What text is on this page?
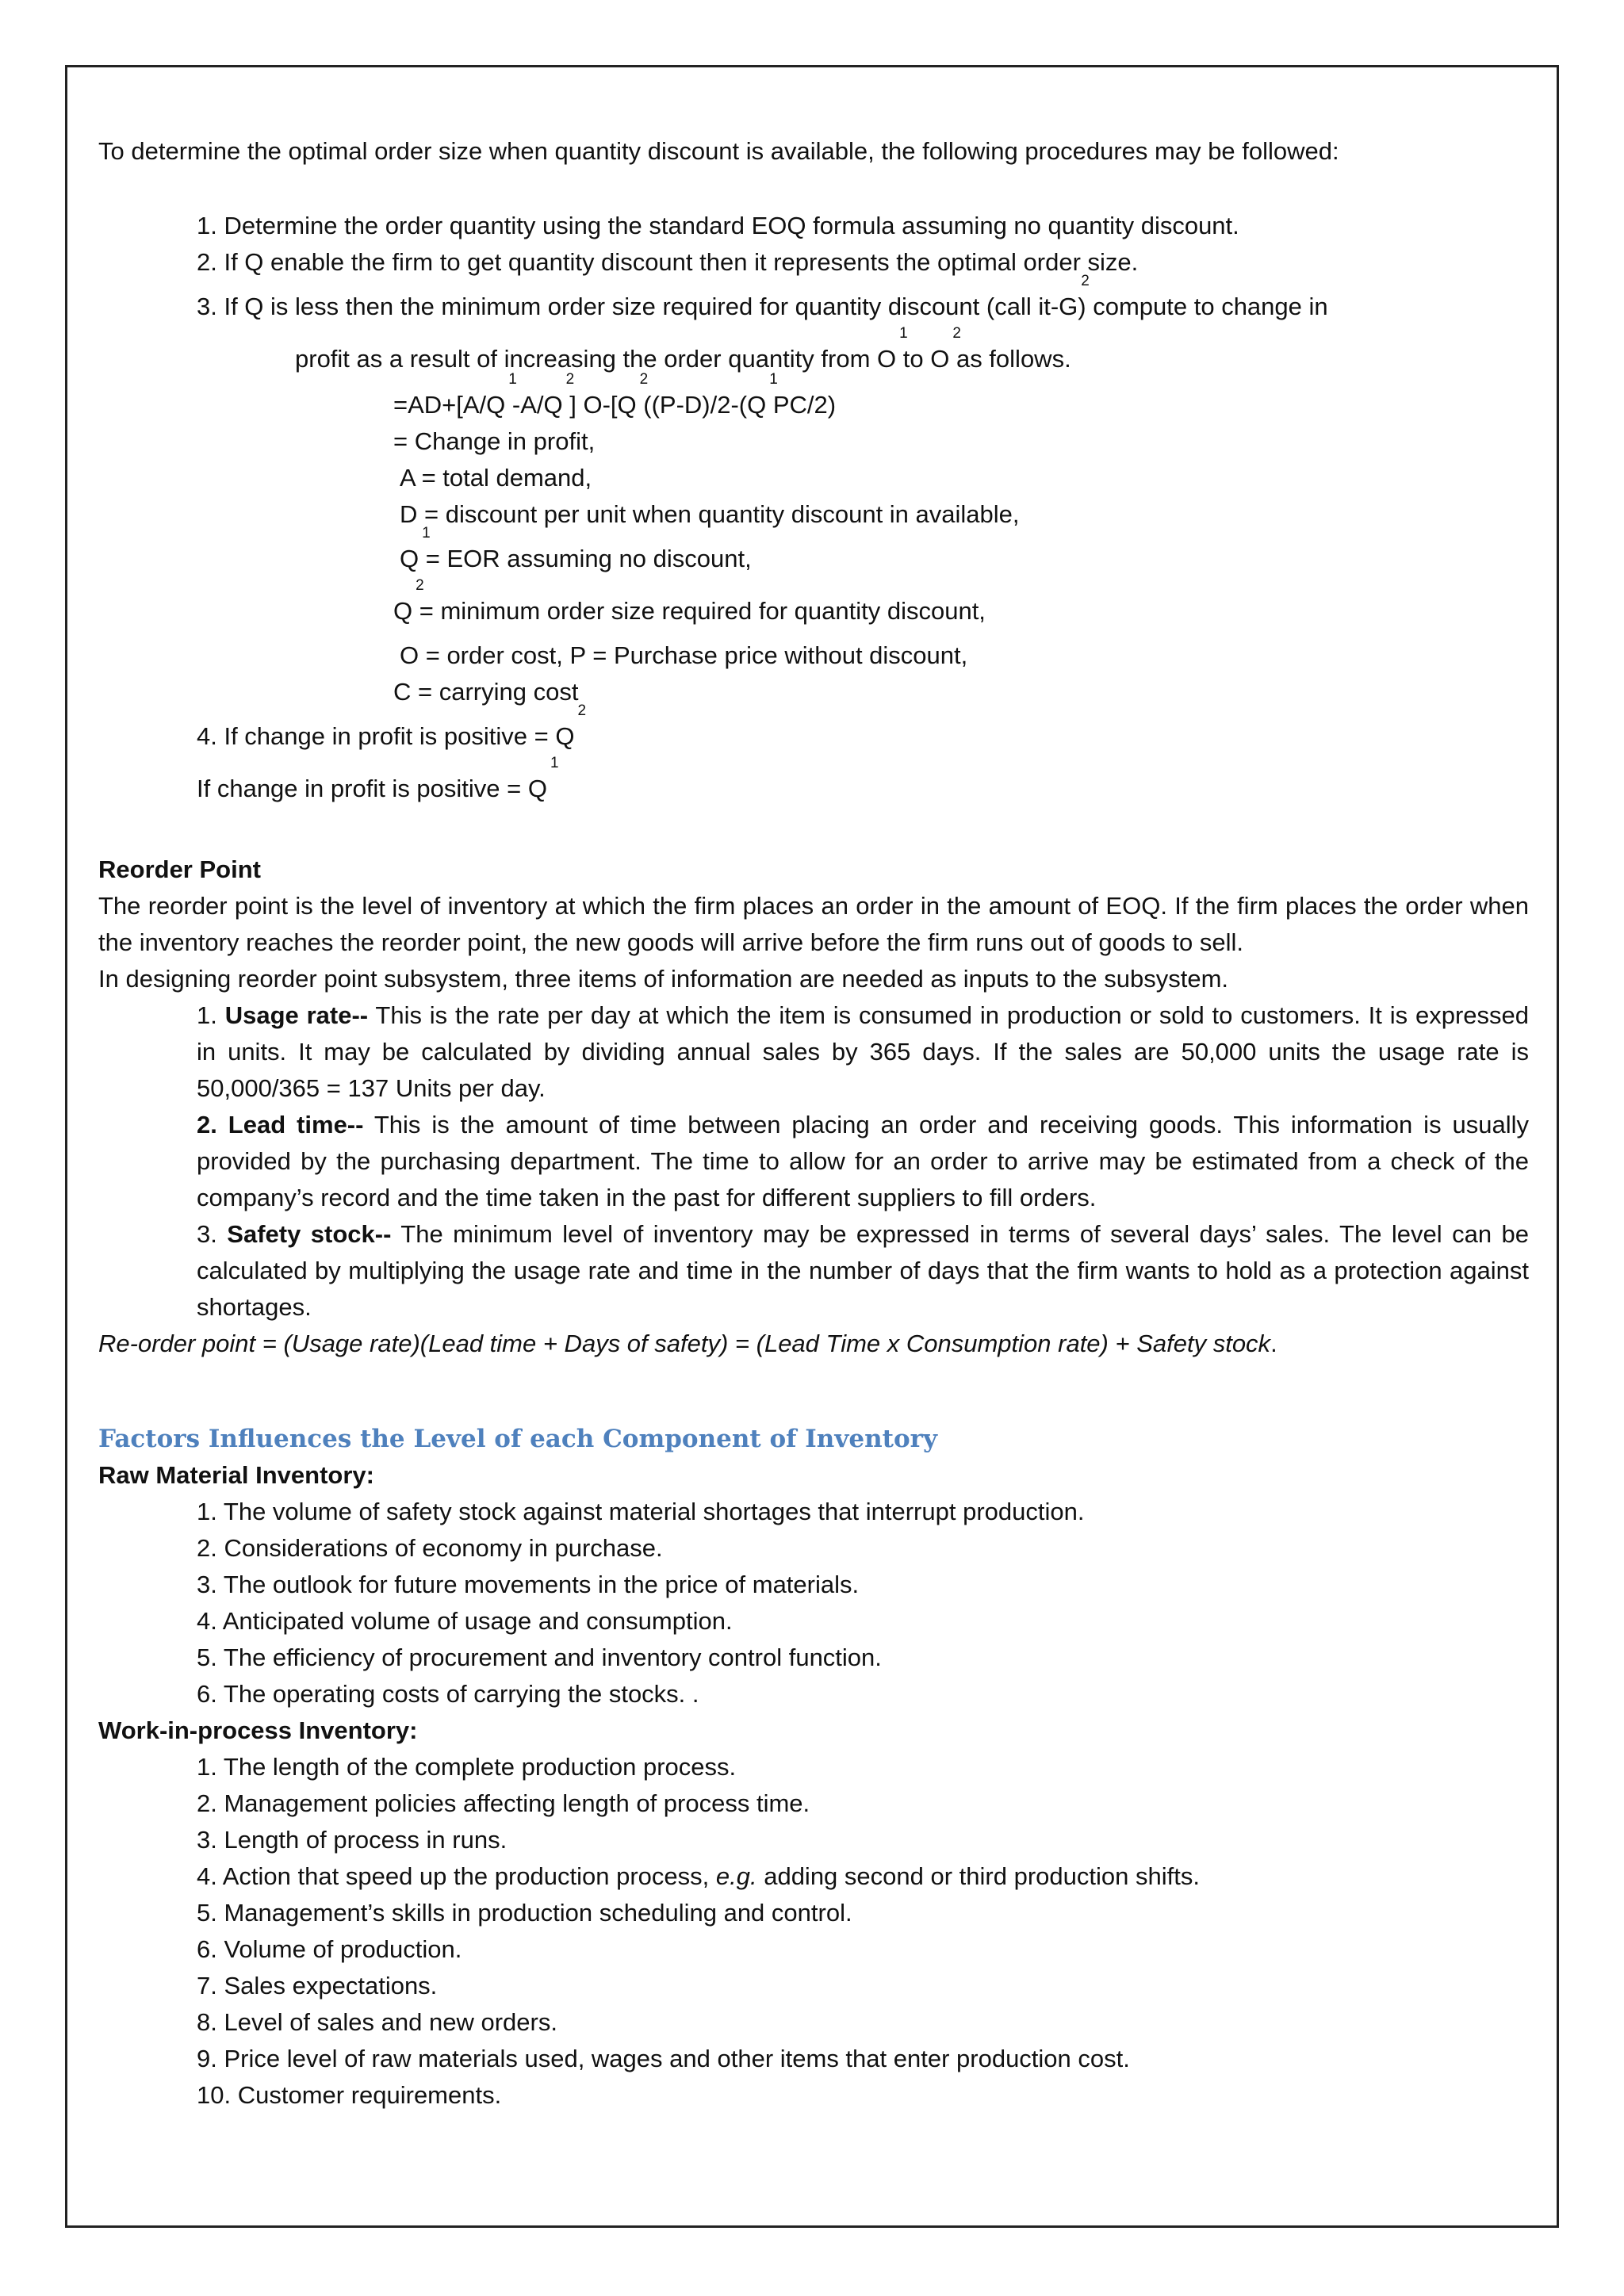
To determine the optimal order size when quantity discount is available, the following procedures may be followed:

1. Determine the order quantity using the standard EOQ formula assuming no quantity discount.

2. If Q enable the firm to get quantity discount then it represents the optimal order size.

3. If Q is less then the minimum order size required for quantity discount (call it-G
2
) compute to change in

profit as a result of increasing the order quantity from O
1
to O
2
as follows.

=AD+[A/Q
1
-A/Q
2
] O-[Q
2
((P-D)/2-(Q
1
PC/2)

= Change in profit,

A = total demand,

D = discount per unit when quantity discount in available,

Q
1
= EOR assuming no discount,

Q
2
= minimum order size required for quantity discount,

O = order cost, P = Purchase price without discount,

C = carrying cost

4. If change in profit is positive = Q
2

If change in profit is positive = Q
1

Reorder Point

The reorder point is the level of inventory at which the firm places an order in the amount of EOQ. If the firm places the order when the inventory reaches the reorder point, the new goods will arrive before the firm runs out of goods to sell.

In designing reorder point subsystem, three items of information are needed as inputs to the subsystem.

1. Usage rate-- This is the rate per day at which the item is consumed in production or sold to customers. It is expressed in units. It may be calculated by dividing annual sales by 365 days. If the sales are 50,000 units the usage rate is 50,000/365 = 137 Units per day.

2. Lead time-- This is the amount of time between placing an order and receiving goods. This information is usually provided by the purchasing department. The time to allow for an order to arrive may be estimated from a check of the company’s record and the time taken in the past for different suppliers to fill orders.

3. Safety stock-- The minimum level of inventory may be expressed in terms of several days’ sales. The level can be calculated by multiplying the usage rate and time in the number of days that the firm wants to hold as a protection against shortages.

Re-order point = (Usage rate)(Lead time + Days of safety) = (Lead Time x Consumption rate) + Safety stock.

Factors Influences the Level of each Component of Inventory

Raw Material Inventory:

1. The volume of safety stock against material shortages that interrupt production.

2. Considerations of economy in purchase.

3. The outlook for future movements in the price of materials.

4. Anticipated volume of usage and consumption.

5. The efficiency of procurement and inventory control function.

6. The operating costs of carrying the stocks. .

Work-in-process Inventory:

1. The length of the complete production process.

2. Management policies affecting length of process time.

3. Length of process in runs.

4. Action that speed up the production process, e.g. adding second or third production shifts.

5. Management’s skills in production scheduling and control.

6. Volume of production.

7. Sales expectations.

8. Level of sales and new orders.

9. Price level of raw materials used, wages and other items that enter production cost.

10. Customer requirements.
